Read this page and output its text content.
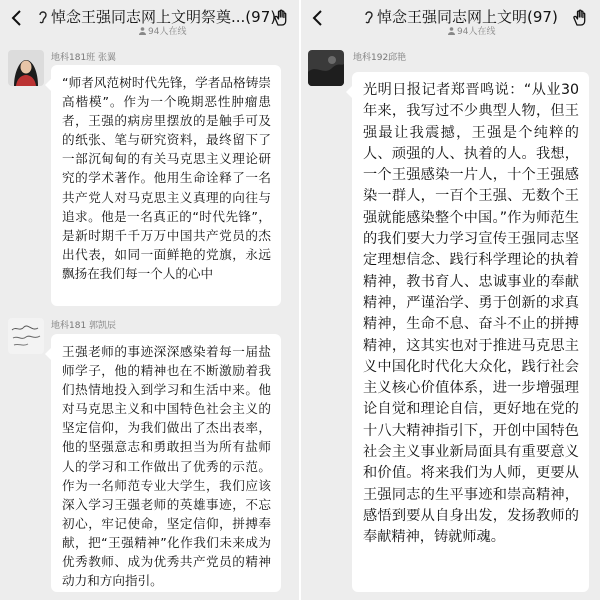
悼念王强同志网上文明祭奠...(97)
94人在线
地科181班 张翼
“师者风范树时代先锋，学者品格铸崇高楷模”。作为一个晚期恶性肿瘤患者，王强的病房里摆放的是触手可及的纸张、笔与研究资料，最终留下了一部沉甸甸的有关马克思主义理论研究的学术著作。他用生命诠释了一名共产党人对马克思主义真理的向往与追求。他是一名真正的“时代先锋”，是新时期千千万万中国共产党员的杰出代表，如同一面鲜艳的党旗，永远飘扬在我们每一个人的心中
地科181 郭凯辰
王强老师的事迹深深感染着每一届盐师学子，他的精神也在不断激励着我们热情地投入到学习和生活中来。他对马克思主义和中国特色社会主义的坚定信仰，为我们做出了杰出表率，他的坚强意志和勇敢担当为所有盐师人的学习和工作做出了优秀的示范。作为一名师范专业大学生，我们应该深入学习王强老师的英雄事迹，不忘初心，牢记使命，坚定信仰，拼搏奉献，把“王强精神”化作我们未来成为优秀教师、成为优秀共产党员的精神动力和方向指引。
悼念王强同志网上文明(97)
94人在线
地科192邱艳
光明日报记者郑晋鸣说：“从业30年来，我写过不少典型人物，但王强最让我震撼，王强是个纯粹的人、顽强的人、执着的人。我想，一个王强感染一片人，十个王强感染一群人，一百个王强、无数个王强就能感染整个中国。”作为师范生的我们要大力学习宣传王强同志坚定理想信念、践行科学理论的执着精神，教书育人、忠诚事业的奉献精神，严谨治学、勇于创新的求真精神，生命不息、奋斗不止的拼搏精神，这其实也对于推进马克思主义中国化时代化大众化，践行社会主义核心价值体系，进一步增强理论自觉和理论自信，更好地在党的十八大精神指引下，开创中国特色社会主义事业新局面具有重要意义和价值。将来我们为人师，更要从王强同志的生平事迹和崇高精神，感悟到要从自身出发，发扬教师的奉献精神，铸就师魂。
